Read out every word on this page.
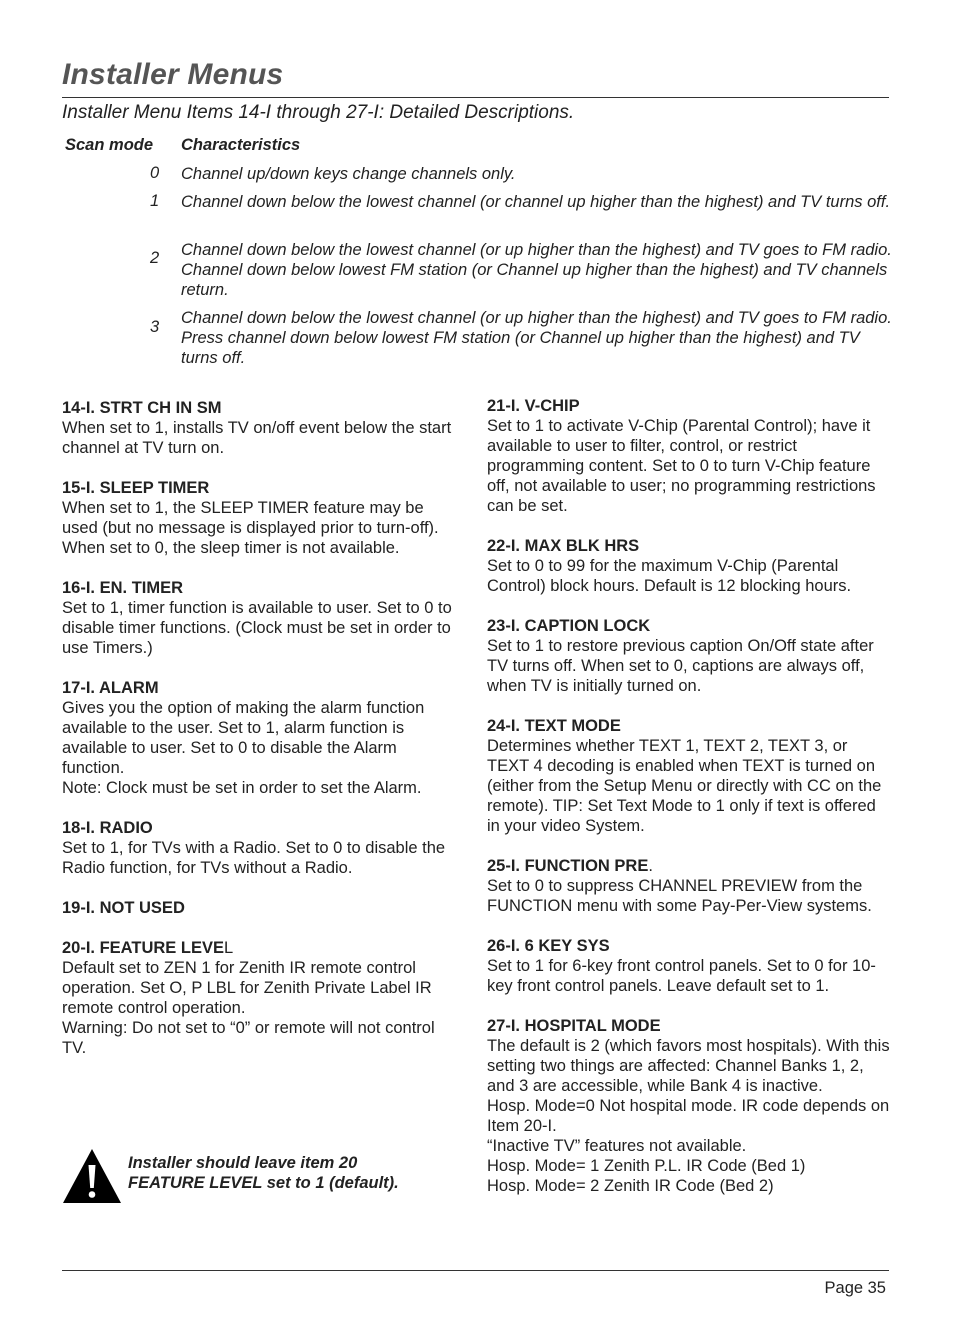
Installer Menus
Installer Menu Items 14-I through 27-I: Detailed Descriptions.
Scan mode Characteristics
0 Channel up/down keys change channels only.
1 Channel down below the lowest channel (or channel up higher than the highest) and TV turns off.
2 Channel down below the lowest channel (or up higher than the highest) and TV goes to FM radio. Channel down below lowest FM station (or Channel up higher than the highest) and TV channels return.
3 Channel down below the lowest channel (or up higher than the highest) and TV goes to FM radio. Press channel down below lowest FM station (or Channel up higher than the highest) and TV turns off.
14-I. STRT CH IN SM
When set to 1, installs TV on/off event below the start channel at TV turn on.
15-I. SLEEP TIMER
When set to 1, the SLEEP TIMER feature may be used (but no message is displayed prior to turn-off). When set to 0, the sleep timer is not available.
16-I. EN. TIMER
Set to 1, timer function is available to user. Set to 0 to disable timer functions. (Clock must be set in order to use Timers.)
17-I. ALARM
Gives you the option of making the alarm function available to the user. Set to 1, alarm function is available to user. Set to 0 to disable the Alarm function.
Note: Clock must be set in order to set the Alarm.
18-I. RADIO
Set to 1, for TVs with a Radio. Set to 0 to disable the Radio function, for TVs without a Radio.
19-I. NOT USED
20-I. FEATURE LEVEL
Default set to ZEN 1 for Zenith IR remote control operation. Set O, P LBL for Zenith Private Label IR remote control operation.
Warning: Do not set to “0” or remote will not control TV.
21-I. V-CHIP
Set to 1 to activate V-Chip (Parental Control); have it available to user to filter, control, or restrict programming content. Set to 0 to turn V-Chip feature off, not available to user; no programming restrictions can be set.
22-I. MAX BLK HRS
Set to 0 to 99 for the maximum V-Chip (Parental Control) block hours. Default is 12 blocking hours.
23-I. CAPTION LOCK
Set to 1 to restore previous caption On/Off state after TV turns off. When set to 0, captions are always off, when TV is initially turned on.
24-I. TEXT MODE
Determines whether TEXT 1, TEXT 2, TEXT 3, or TEXT 4 decoding is enabled when TEXT is turned on (either from the Setup Menu or directly with CC on the remote). TIP: Set Text Mode to 1 only if text is offered in your video System.
25-I. FUNCTION PRE.
Set to 0 to suppress CHANNEL PREVIEW from the FUNCTION menu with some Pay-Per-View systems.
26-I. 6 KEY SYS
Set to 1 for 6-key front control panels. Set to 0 for 10-key front control panels. Leave default set to 1.
27-I. HOSPITAL MODE
The default is 2 (which favors most hospitals). With this setting two things are affected: Channel Banks 1, 2, and 3 are accessible, while Bank 4 is inactive.
Hosp. Mode=0 Not hospital mode. IR code depends on Item 20-I.
“Inactive TV” features not available.
Hosp. Mode= 1 Zenith P.L. IR Code (Bed 1)
Hosp. Mode= 2 Zenith IR Code (Bed 2)
Installer should leave item 20
FEATURE LEVEL set to 1 (default).
Page 35
